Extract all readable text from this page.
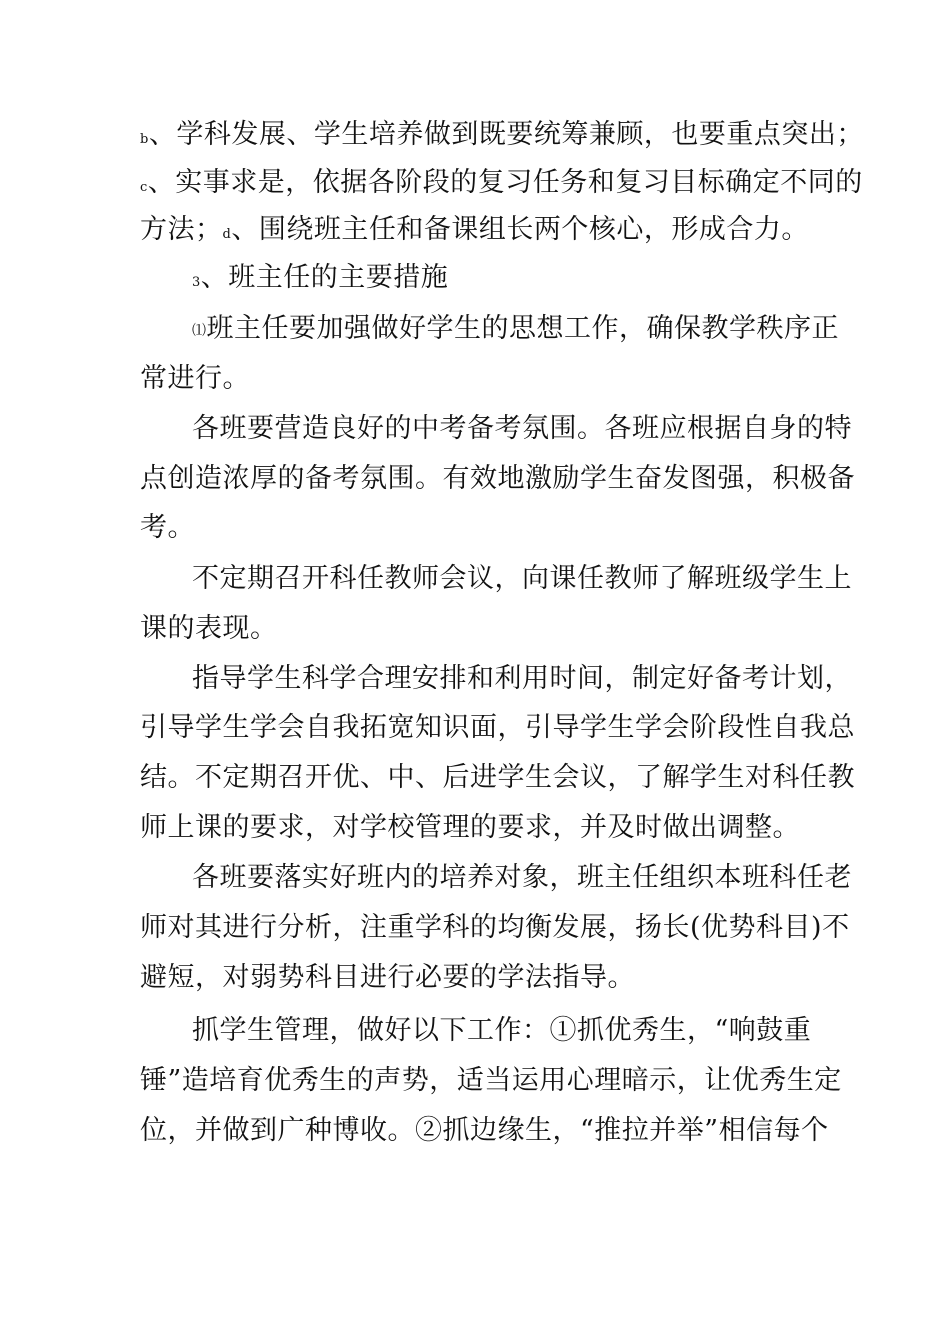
b、学科发展、学生培养做到既要统筹兼顾，也要重点突出；
c、实事求是，依据各阶段的复习任务和复习目标确定不同的
方法；d、围绕班主任和备课组长两个核心，形成合力。
3、班主任的主要措施
⑴班主任要加强做好学生的思想工作，确保教学秩序正
常进行。
各班要营造良好的中考备考氛围。各班应根据自身的特
点创造浓厚的备考氛围。有效地激励学生奋发图强，积极备
考。
不定期召开科任教师会议，向课任教师了解班级学生上
课的表现。
指导学生科学合理安排和利用时间，制定好备考计划，
引导学生学会自我拓宽知识面，引导学生学会阶段性自我总
结。不定期召开优、中、后进学生会议，了解学生对科任教
师上课的要求，对学校管理的要求，并及时做出调整。
各班要落实好班内的培养对象，班主任组织本班科任老
师对其进行分析，注重学科的均衡发展，扬长(优势科目)不
避短，对弱势科目进行必要的学法指导。
抓学生管理，做好以下工作：①抓优秀生，“响鼓重
锤”造培育优秀生的声势，适当运用心理暗示，让优秀生定
位，并做到广种博收。②抓边缘生，“推拉并举”相信每个
